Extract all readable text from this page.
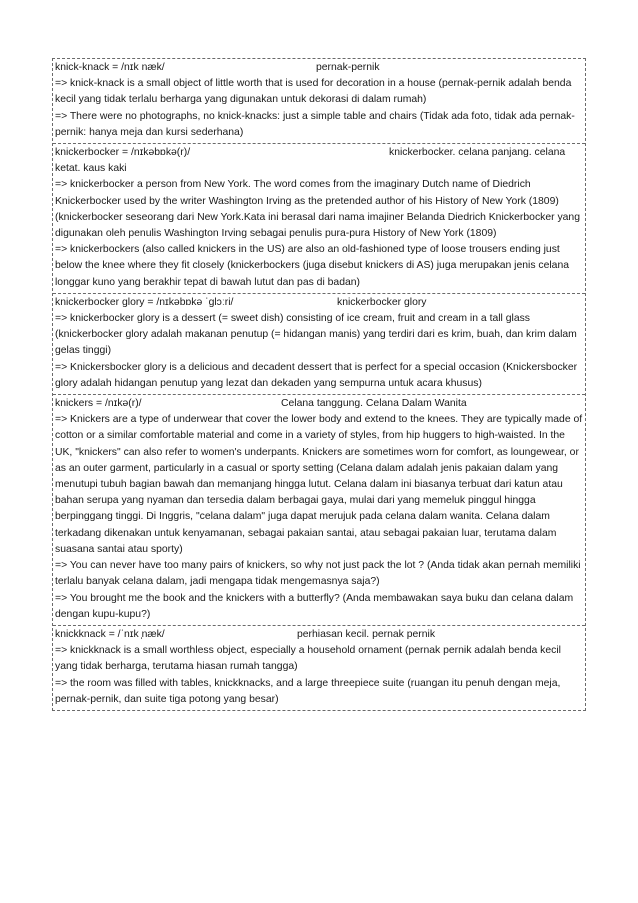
knick-knack = /nɪk næk/	pernak-pernik
=> knick-knack is a small object of little worth that is used for decoration in a house (pernak-pernik adalah benda kecil yang tidak terlalu berharga yang digunakan untuk dekorasi di dalam rumah)
=> There were no photographs, no knick-knacks: just a simple table and chairs (Tidak ada foto, tidak ada pernak-pernik: hanya meja dan kursi sederhana)
knickerbocker = /nɪkəbɒkə(r)/	knickerbocker. celana panjang. celana
ketat. kaus kaki
=> knickerbocker a person from New York. The word comes from the imaginary Dutch name of Diedrich Knickerbocker used by the writer Washington Irving as the pretended author of his History of New York (1809) (knickerbocker seseorang dari New York.Kata ini berasal dari nama imajiner Belanda Diedrich Knickerbocker yang digunakan oleh penulis Washington Irving sebagai penulis pura-pura History of New York (1809)
=> knickerbockers (also called knickers in the US) are also an old-fashioned type of loose trousers ending just below the knee where they fit closely (knickerbockers (juga disebut knickers di AS) juga merupakan jenis celana longgar kuno yang berakhir tepat di bawah lutut dan pas di badan)
knickerbocker glory = /nɪkəbɒkə ˈɡlɔːri/	knickerbocker glory
=> knickerbocker glory is a dessert (= sweet dish) consisting of ice cream, fruit and cream in a tall glass (knickerbocker glory adalah makanan penutup (= hidangan manis) yang terdiri dari es krim, buah, dan krim dalam gelas tinggi)
=> Knickersbocker glory is a delicious and decadent dessert that is perfect for a special occasion (Knickersbocker glory adalah hidangan penutup yang lezat dan dekaden yang sempurna untuk acara khusus)
knickers = /nɪkə(r)/	Celana tanggung. Celana Dalam Wanita
=> Knickers are a type of underwear that cover the lower body and extend to the knees. They are typically made of cotton or a similar comfortable material and come in a variety of styles, from hip huggers to high-waisted. In the UK, "knickers" can also refer to women's underpants. Knickers are sometimes worn for comfort, as loungewear, or as an outer garment, particularly in a casual or sporty setting (Celana dalam adalah jenis pakaian dalam yang menutupi tubuh bagian bawah dan memanjang hingga lutut. Celana dalam ini biasanya terbuat dari katun atau bahan serupa yang nyaman dan tersedia dalam berbagai gaya, mulai dari yang memeluk pinggul hingga berpinggang tinggi. Di Inggris, "celana dalam" juga dapat merujuk pada celana dalam wanita. Celana dalam terkadang dikenakan untuk kenyamanan, sebagai pakaian santai, atau sebagai pakaian luar, terutama dalam suasana santai atau sporty)
=> You can never have too many pairs of knickers, so why not just pack the lot ? (Anda tidak akan pernah memiliki terlalu banyak celana dalam, jadi mengapa tidak mengemasnya saja?)
=> You brought me the book and the knickers with a butterfly? (Anda membawakan saya buku dan celana dalam dengan kupu-kupu?)
knickknack = /ˈnɪk ̩næk/	perhiasan kecil. pernak pernik
=> knickknack is a small worthless object, especially a household ornament (pernak pernik adalah benda kecil yang tidak berharga, terutama hiasan rumah tangga)
=> the room was filled with tables, knickknacks, and a large threepiece suite (ruangan itu penuh dengan meja, pernak-pernik, dan suite tiga potong yang besar)
